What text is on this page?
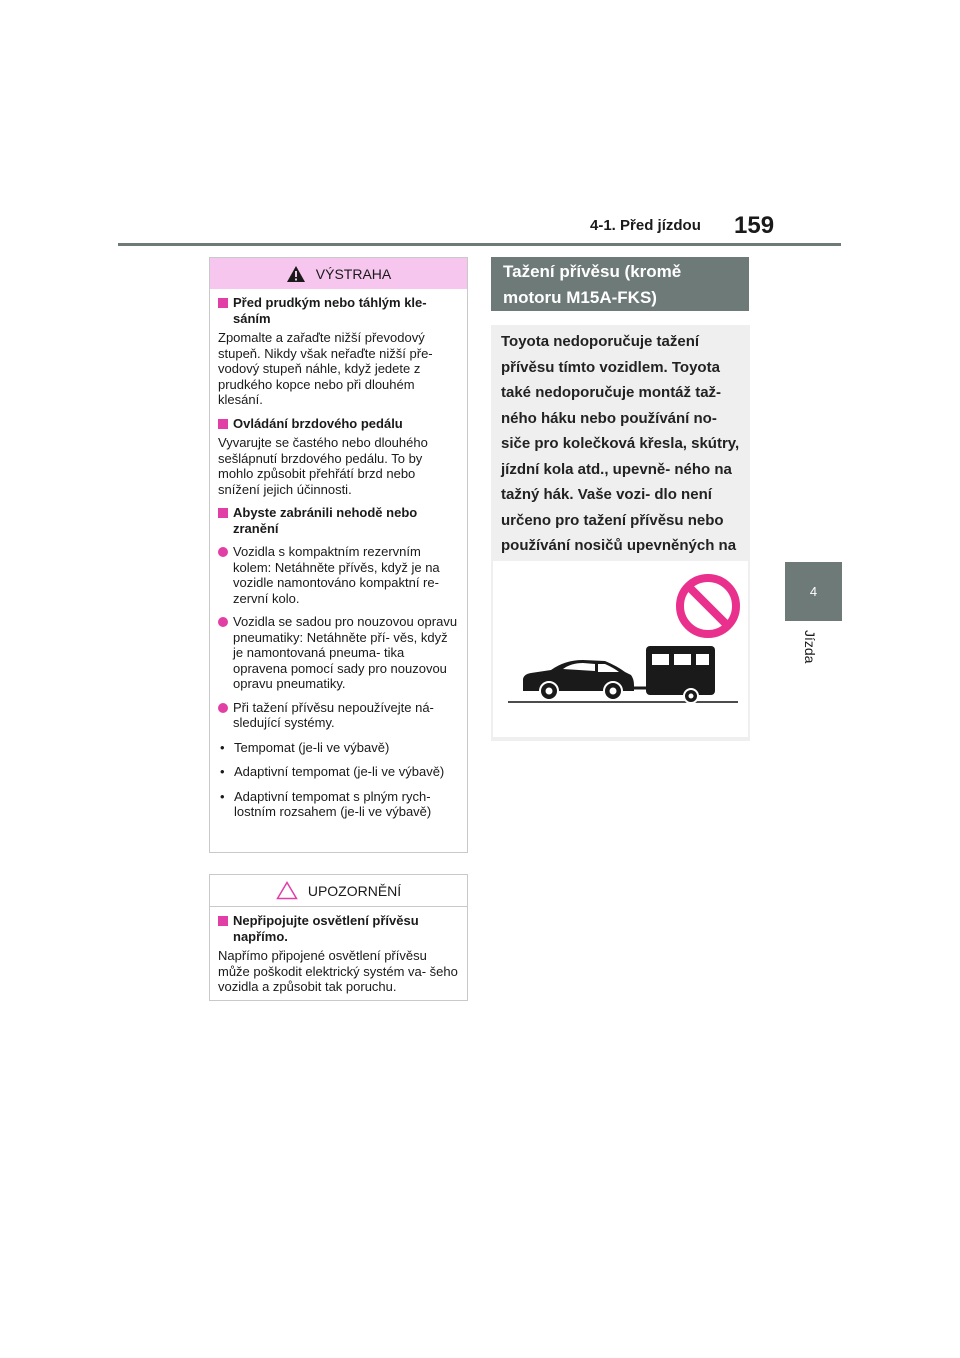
4-1. Před jízdou 159
4
Jízda
VÝSTRAHA
Před prudkým nebo táhlým kle- sáním
Zpomalte a zařaďte nižší převodový stupeň. Nikdy však neřaďte nižší pře- vodový stupeň náhle, když jedete z prudkého kopce nebo při dlouhém klesání.
Ovládání brzdového pedálu
Vyvarujte se častého nebo dlouhého sešlápnutí brzdového pedálu. To by mohlo způsobit přehřátí brzd nebo snížení jejich účinnosti.
Abyste zabránili nehodě nebo zranění
Vozidla s kompaktním rezervním kolem: Netáhněte přívěs, když je na vozidle namontováno kompaktní re- zervní kolo.
Vozidla se sadou pro nouzovou opravu pneumatiky: Netáhněte pří- věs, když je namontovaná pneuma- tika opravena pomocí sady pro nouzovou opravu pneumatiky.
Při tažení přívěsu nepoužívejte ná- sledující systémy.
• Tempomat (je-li ve výbavě)
• Adaptivní tempomat (je-li ve výbavě)
• Adaptivní tempomat s plným rych- lostním rozsahem (je-li ve výbavě)
UPOZORNĚNÍ
Nepřipojujte osvětlení přívěsu napřímo.
Napřímo připojené osvětlení přívěsu může poškodit elektrický systém va- šeho vozidla a způsobit tak poruchu.
Tažení přívěsu (kromě motoru M15A-FKS)
Toyota nedoporučuje tažení přívěsu tímto vozidlem. Toyota také nedoporučuje montáž taž- ného háku nebo používání no- siče pro kolečková křesla, skútry, jízdní kola atd., upevně- ného na tažný hák. Vaše vozi- dlo není určeno pro tažení přívěsu nebo používání nosičů upevněných na
